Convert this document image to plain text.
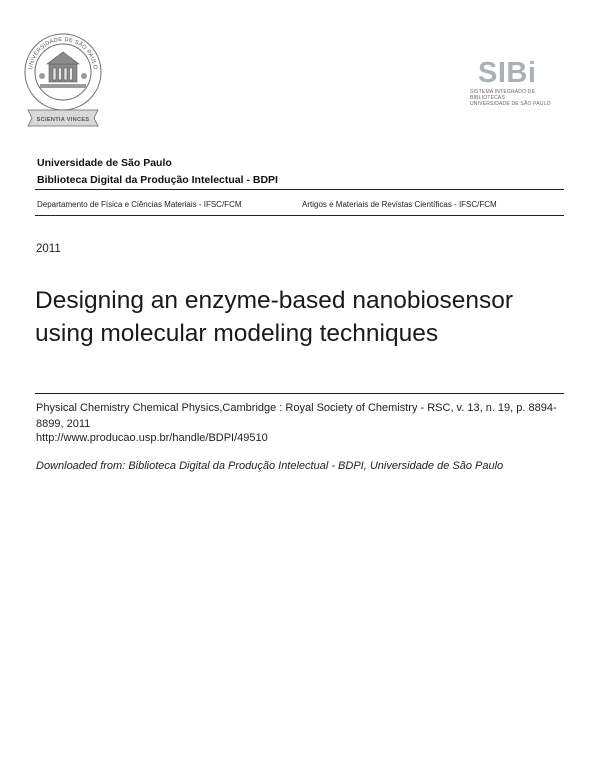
UNIVERSIDADE DE SÃO PAULO
SCIENTIA VINCES
SIBi
SISTEMA INTEGRADO DE BIBLIOTECAS
UNIVERSIDADE DE SÃO PAULO
Universidade de São Paulo
Biblioteca Digital da Produção Intelectual - BDPI
Departamento de Física e Ciências Materiais - IFSC/FCM	Artigos e Materiais de Revistas Científicas - IFSC/FCM
2011
Designing an enzyme-based nanobiosensor using molecular modeling techniques
Physical Chemistry Chemical Physics,Cambridge : Royal Society of Chemistry - RSC, v. 13, n. 19, p. 8894-8899, 2011
http://www.producao.usp.br/handle/BDPI/49510
Downloaded from: Biblioteca Digital da Produção Intelectual - BDPI, Universidade de São Paulo
